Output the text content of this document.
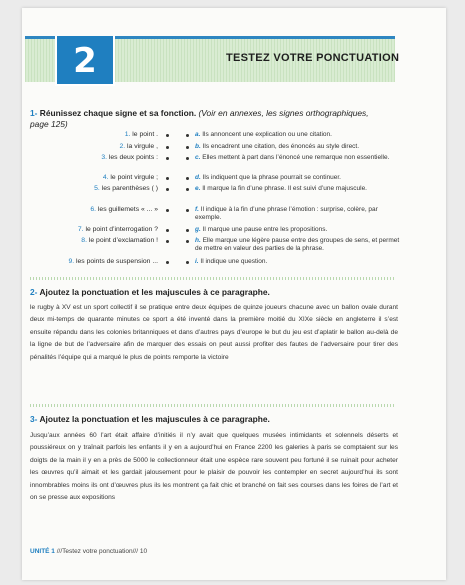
2	TESTEZ VOTRE PONCTUATION
1- Réunissez chaque signe et sa fonction. (Voir en annexes, les signes orthographiques, page 125)
1. le point .
2. la virgule ,
3. les deux points :
4. le point virgule ;
5. les parenthèses ( )
6. les guillemets « ... »
7. le point d’interrogation ?
8. le point d’exclamation !
9. les points de suspension ...
a. Ils annoncent une explication ou une citation.
b. Ils encadrent une citation, des énoncés au style direct.
c. Elles mettent à part dans l’énoncé une remarque non essentielle.
d. Ils indiquent que la phrase pourrait se continuer.
e. Il marque la fin d’une phrase. Il est suivi d’une majuscule.
f. Il indique à la fin d’une phrase l’émotion : surprise, colère, par exemple.
g. Il marque une pause entre les propositions.
h. Elle marque une légère pause entre des groupes de sens, et permet de mettre en valeur des parties de la phrase.
i. Il indique une question.
2- Ajoutez la ponctuation et les majuscules à ce paragraphe.
le rugby à XV est un sport collectif il se pratique entre deux équipes de quinze joueurs chacune avec un ballon ovale durant deux mi-temps de quarante minutes ce sport a été inventé dans la première moitié du XIXe siècle en angleterre il s’est ensuite répandu dans les colonies britanniques et dans d’autres pays d’europe le but du jeu est d’aplatir le ballon au-delà de la ligne de but de l’adversaire afin de marquer des essais on peut aussi profiter des fautes de l’adversaire pour tirer des pénalités l’équipe qui a marqué le plus de points remporte la victoire
3- Ajoutez la ponctuation et les majuscules à ce paragraphe.
Jusqu’aux années 60 l’art était affaire d’initiés il n’y avait que quelques musées intimidants et solennels déserts et poussiéreux on y traînait parfois les enfants il y en a aujourd’hui en France 2200 les galeries à paris se comptaient sur les doigts de la main il y en a près de 5000 le collectionneur était une espèce rare souvent peu fortuné il se ruinait pour acheter les œuvres qu’il aimait et les gardait jalousement pour le plaisir de pouvoir les contempler en secret aujourd’hui ils sont innombrables moins ils ont d’œuvres plus ils les montrent ça fait chic et branché on fait ses courses dans les foires de l’art et on se presse aux expositions
UNITÉ 1 ///Testez votre ponctuation/// 10
